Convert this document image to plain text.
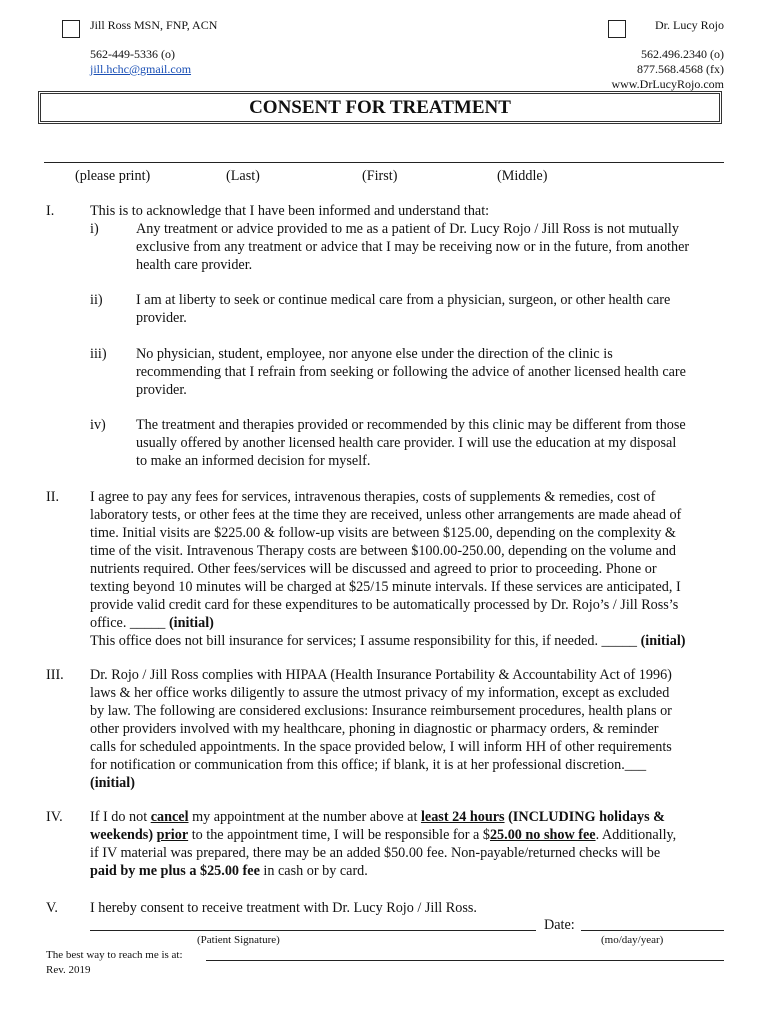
Jill Ross MSN, FNP, ACN
562-449-5336 (o)
jill.hchc@gmail.com
Dr. Lucy Rojo
562.496.2340 (o)
877.568.4568 (fx)
www.DrLucyRojo.com
CONSENT FOR TREATMENT
(please print)	(Last)	(First)	(Middle)
I.	This is to acknowledge that I have been informed and understand that:
i)	Any treatment or advice provided to me as a patient of Dr. Lucy Rojo / Jill Ross is not mutually
exclusive from any treatment or advice that I may be receiving now or in the future, from another
health care provider.
ii) I am at liberty to seek or continue medical care from a physician, surgeon, or other health care
provider.
iii) No physician, student, employee, nor anyone else under the direction of the clinic is
recommending that I refrain from seeking or following the advice of another licensed health care
provider.
iv) The treatment and therapies provided or recommended by this clinic may be different from those
usually offered by another licensed health care provider. I will use the education at my disposal
to make an informed decision for myself.
II. I agree to pay any fees for services, intravenous therapies, costs of supplements & remedies, cost of
laboratory tests, or other fees at the time they are received, unless other arrangements are made ahead of
time. Initial visits are $225.00 & follow-up visits are between $125.00, depending on the complexity &
time of the visit. Intravenous Therapy costs are between $100.00-250.00, depending on the volume and
nutrients required. Other fees/services will be discussed and agreed to prior to proceeding. Phone or
texting beyond 10 minutes will be charged at $25/15 minute intervals. If these services are anticipated, I
provide valid credit card for these expenditures to be automatically processed by Dr. Rojo’s / Jill Ross’s
office. _____ (initial)
This office does not bill insurance for services; I assume responsibility for this, if needed. _____ (initial)
III. Dr. Rojo / Jill Ross complies with HIPAA (Health Insurance Portability & Accountability Act of 1996)
laws & her office works diligently to assure the utmost privacy of my information, except as excluded
by law. The following are considered exclusions: Insurance reimbursement procedures, health plans or
other providers involved with my healthcare, phoning in diagnostic or pharmacy orders, & reminder
calls for scheduled appointments. In the space provided below, I will inform HH of other requirements
for notification or communication from this office; if blank, it is at her professional discretion.___
(initial)
IV. If I do not cancel my appointment at the number above at least 24 hours (INCLUDING holidays &
weekends) prior to the appointment time, I will be responsible for a $25.00 no show fee. Additionally,
if IV material was prepared, there may be an added $50.00 fee. Non-payable/returned checks will be
paid by me plus a $25.00 fee in cash or by card.
V. I hereby consent to receive treatment with Dr. Lucy Rojo / Jill Ross.
Date:
(Patient Signature)	(mo/day/year)
The best way to reach me is at:
Rev. 2019
